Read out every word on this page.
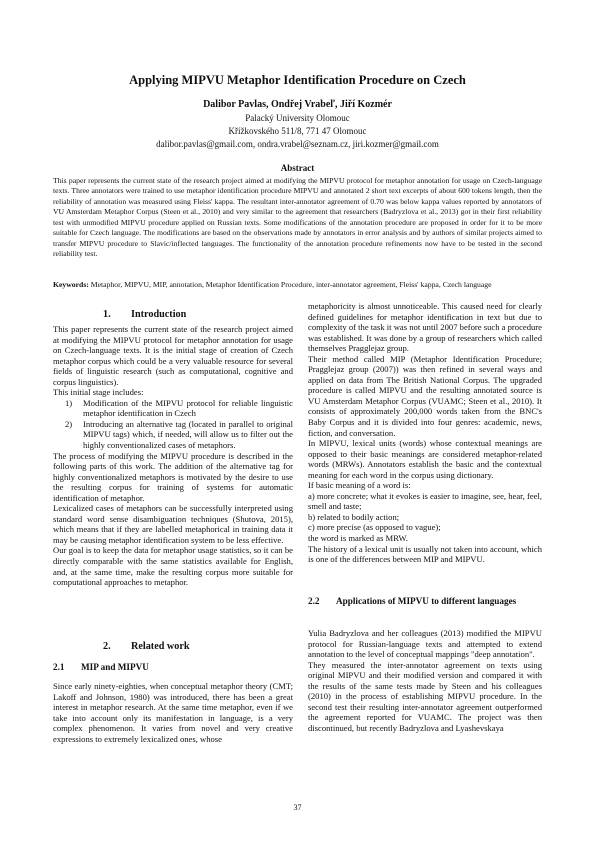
Applying MIPVU Metaphor Identification Procedure on Czech
Dalibor Pavlas, Ondřej Vrabeľ, Jiří Kozmér
Palacký University Olomouc
Křížkovského 511/8, 771 47 Olomouc
dalibor.pavlas@gmail.com, ondra.vrabel@seznam.cz, jiri.kozmer@gmail.com
Abstract

This paper represents the current state of the research project aimed at modifying the MIPVU protocol for metaphor annotation for usage on Czech-language texts. Three annotators were trained to use metaphor identification procedure MIPVU and annotated 2 short text excerpts of about 600 tokens length, then the reliability of annotation was measured using Fleiss' kappa. The resultant inter-annotator agreement of 0.70 was below kappa values reported by annotators of VU Amsterdam Metaphor Corpus (Steen et al., 2010) and very similar to the agreement that researchers (Badryzlova et al., 2013) got in their first reliability test with unmodified MIPVU procedure applied on Russian texts. Some modifications of the annotation procedure are proposed in order for it to be more suitable for Czech language. The modifications are based on the observations made by annotators in error analysis and by authors of similar projects aimed to transfer MIPVU procedure to Slavic/inflected languages. The functionality of the annotation procedure refinements now have to be tested in the second reliability test.

Keywords: Metaphor, MIPVU, MIP, annotation, Metaphor Identification Procedure, inter-annotator agreement, Fleiss' kappa, Czech language

1. Introduction

This paper represents the current state of the research project aimed at modifying the MIPVU protocol for metaphor annotation for usage on Czech-language texts. It is the initial stage of creation of Czech metaphor corpus which could be a very valuable resource for several fields of linguistic research (such as computational, cognitive and corpus linguistics).

This initial stage includes:

1) Modification of the MIPVU protocol for reliable linguistic metaphor identification in Czech
2) Introducing an alternative tag (located in parallel to original MIPVU tags) which, if needed, will allow us to filter out the highly conventionalized cases of metaphors.

The process of modifying the MIPVU procedure is described in the following parts of this work. The addition of the alternative tag for highly conventionalized metaphors is motivated by the desire to use the resulting corpus for training of systems for automatic identification of metaphor.

Lexicalized cases of metaphors can be successfully interpreted using standard word sense disambiguation techniques (Shutova, 2015), which means that if they are labelled metaphorical in training data it may be causing metaphor identification system to be less effective.

Our goal is to keep the data for metaphor usage statistics, so it can be directly comparable with the same statistics available for English, and, at the same time, make the resulting corpus more suitable for computational approaches to metaphor.

2. Related work
2.1 MIP and MIPVU

Since early ninety-eighties, when conceptual metaphor theory (CMT; Lakoff and Johnson, 1980) was introduced, there has been a great interest in metaphor research. At the same time metaphor, even if we take into account only its manifestation in language, is a very complex phenomenon. It varies from novel and very creative expressions to extremely lexicalized ones, whose

metaphoricity is almost unnoticeable. This caused need for clearly defined guidelines for metaphor identification in text but due to complexity of the task it was not until 2007 before such a procedure was established. It was done by a group of researchers which called themselves Pragglejaz group.

Their method called MIP (Metaphor Identification Procedure; Pragglejaz group (2007)) was then refined in several ways and applied on data from The British National Corpus. The upgraded procedure is called MIPVU and the resulting annotated source is VU Amsterdam Metaphor Corpus (VUAMC; Steen et al., 2010). It consists of approximately 200,000 words taken from the BNC's Baby Corpus and it is divided into four genres: academic, news, fiction, and conversation.

In MIPVU, lexical units (words) whose contextual meanings are opposed to their basic meanings are considered metaphor-related words (MRWs). Annotators establish the basic and the contextual meaning for each word in the corpus using dictionary.

If basic meaning of a word is:

a) more concrete; what it evokes is easier to imagine, see, hear, feel, smell and taste;

b) related to bodily action;

c) more precise (as opposed to vague);

the word is marked as MRW.

The history of a lexical unit is usually not taken into account, which is one of the differences between MIP and MIPVU.

2.2 Applications of MIPVU to different languages

Yulia Badryzlova and her colleagues (2013) modified the MIPVU protocol for Russian-language texts and attempted to extend annotation to the level of conceptual mappings "deep annotation".

They measured the inter-annotator agreement on texts using original MIPVU and their modified version and compared it with the results of the same tests made by Steen and his colleagues (2010) in the process of establishing MIPVU procedure. In the second test their resulting inter-annotator agreement outperformed the agreement reported for VUAMC. The project was then discontinued, but recently Badryzlova and Lyashevskaya

37
